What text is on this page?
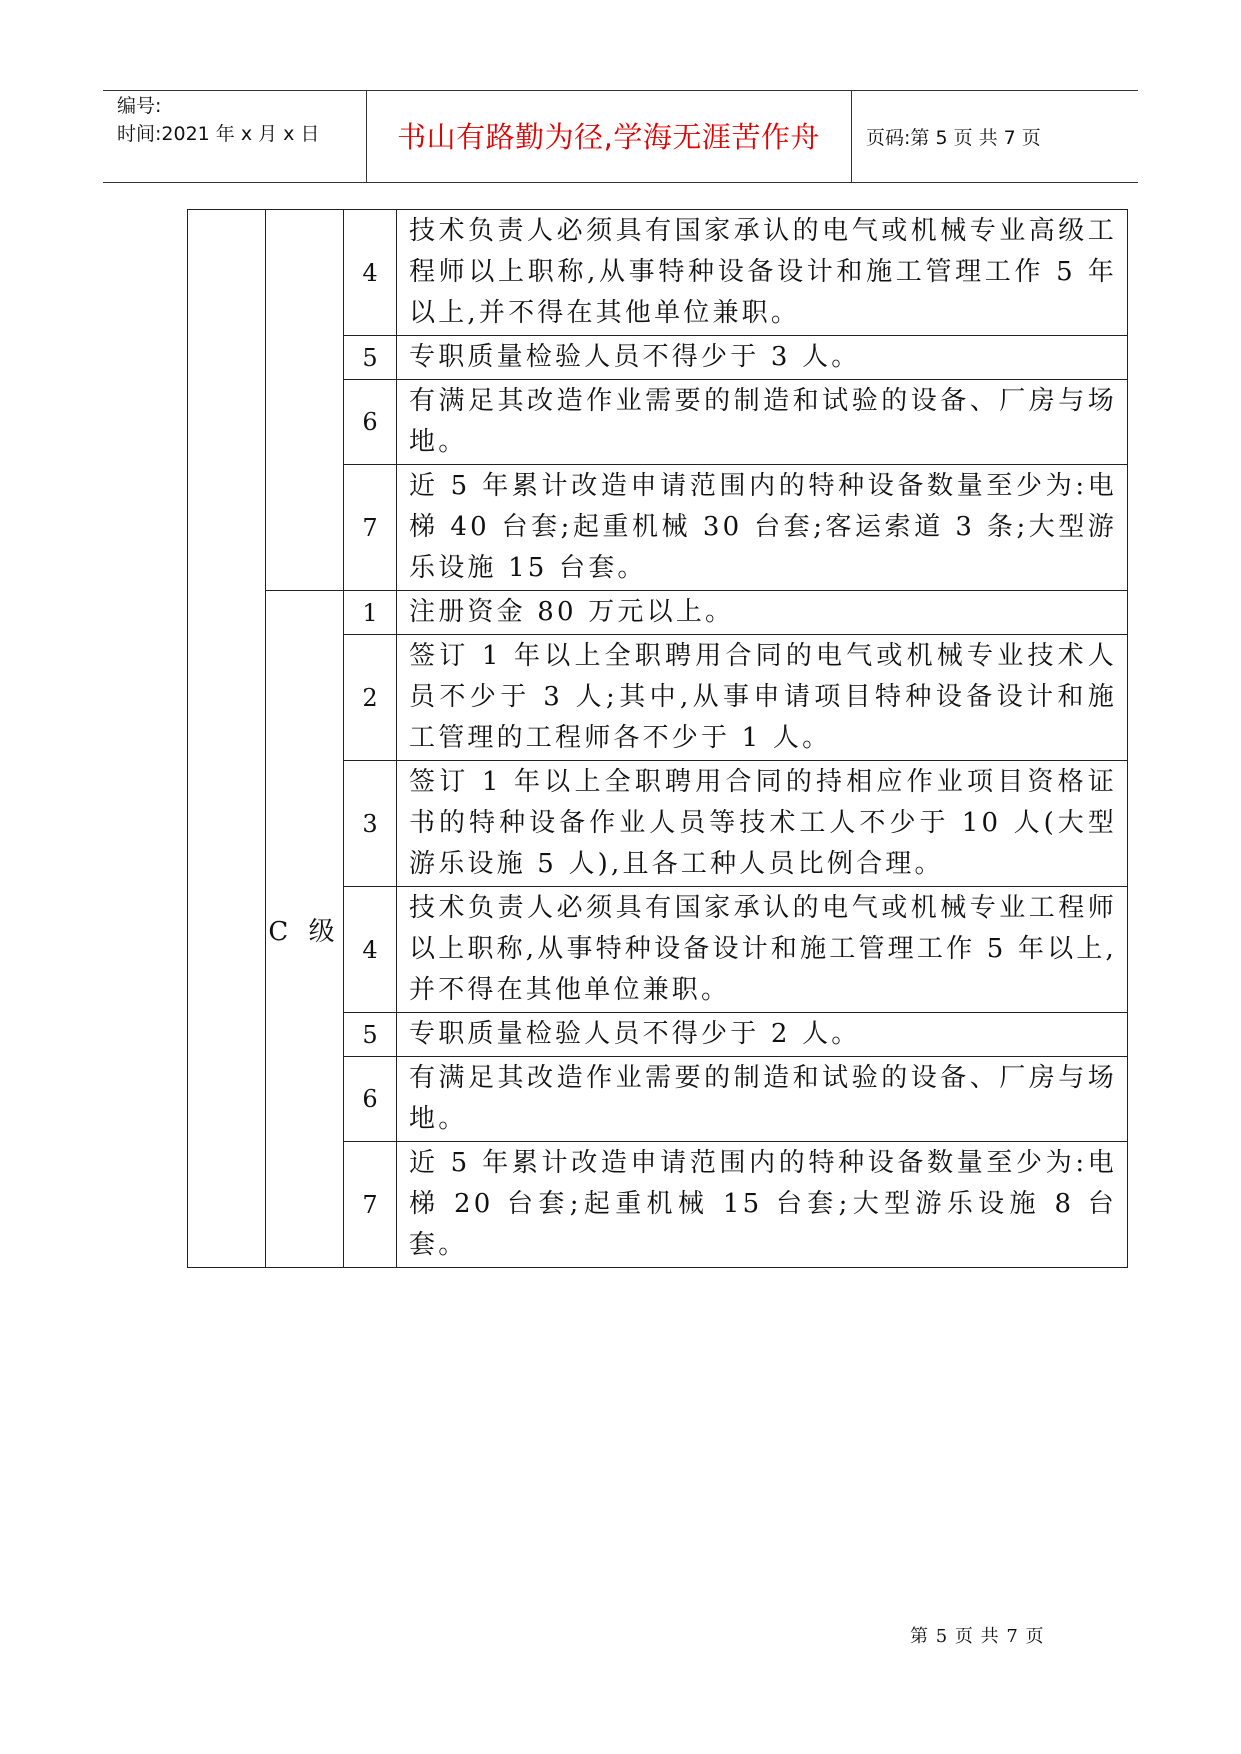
编号:
时间:2021 年 x 月 x 日	书山有路勤为径,学海无涯苦作舟	页码:第 5 页 共 7 页
		4	技术负责人必须具有国家承认的电气或机械专业高级工程师以上职称,从事特种设备设计和施工管理工作 5 年以上,并不得在其他单位兼职。
		5	专职质量检验人员不得少于 3 人。
		6	有满足其改造作业需要的制造和试验的设备、厂房与场地。
		7	近 5 年累计改造申请范围内的特种设备数量至少为:电梯 40 台套;起重机械 30 台套;客运索道 3 条;大型游乐设施 15 台套。
	C 级	1	注册资金 80 万元以上。
		2	签订 1 年以上全职聘用合同的电气或机械专业技术人员不少于 3 人;其中,从事申请项目特种设备设计和施工管理的工程师各不少于 1 人。
		3	签订 1 年以上全职聘用合同的持相应作业项目资格证书的特种设备作业人员等技术工人不少于 10 人(大型游乐设施 5 人),且各工种人员比例合理。
		4	技术负责人必须具有国家承认的电气或机械专业工程师以上职称,从事特种设备设计和施工管理工作 5 年以上,并不得在其他单位兼职。
		5	专职质量检验人员不得少于 2 人。
		6	有满足其改造作业需要的制造和试验的设备、厂房与场地。
		7	近 5 年累计改造申请范围内的特种设备数量至少为:电梯 20 台套;起重机械 15 台套;大型游乐设施 8 台套。
第 5 页 共 7 页
